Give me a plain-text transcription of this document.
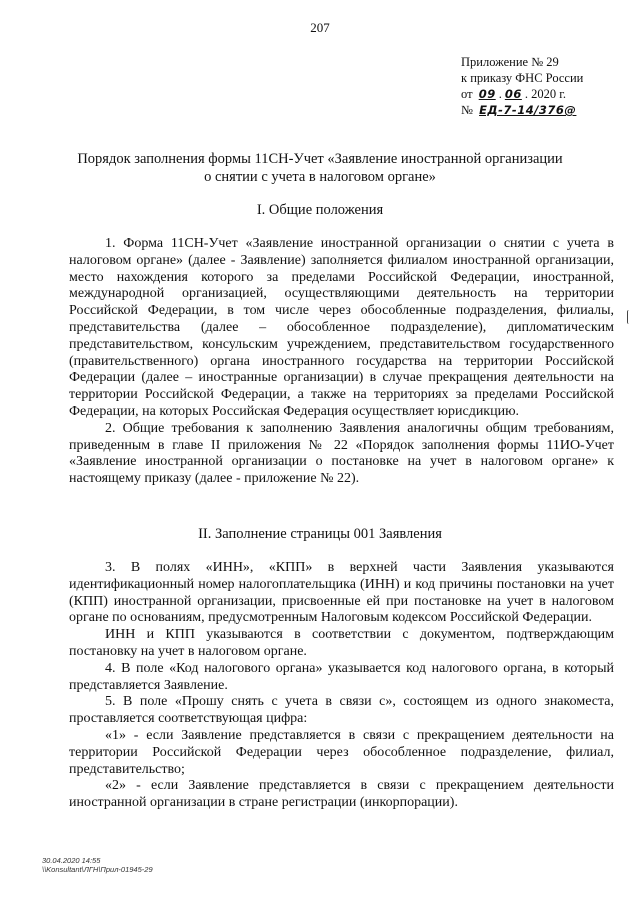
207
Приложение № 29
к приказу ФНС России
от 09 . 06 . 2020 г.
№ ЕД-7-14/376@
Порядок заполнения формы 11СН-Учет «Заявление иностранной организации
о снятии с учета в налоговом органе»
I. Общие положения

1. Форма 11СН-Учет «Заявление иностранной организации о снятии с учета в налоговом органе» (далее - Заявление) заполняется филиалом иностранной организации, место нахождения которого за пределами Российской Федерации, иностранной, международной организацией, осуществляющими деятельность на территории Российской Федерации, в том числе через обособленные подразделения, филиалы, представительства (далее – обособленное подразделение), дипломатическим представительством, консульским учреждением, представительством государственного (правительственного) органа иностранного государства на территории Российской Федерации (далее – иностранные организации) в случае прекращения деятельности на территории Российской Федерации, а также на территориях за пределами Российской Федерации, на которых Российская Федерация осуществляет юрисдикцию.

2. Общие требования к заполнению Заявления аналогичны общим требованиям, приведенным в главе II приложения № 22 «Порядок заполнения формы 11ИО-Учет «Заявление иностранной организации о постановке на учет в налоговом органе» к настоящему приказу (далее - приложение № 22).

II. Заполнение страницы 001 Заявления

3. В полях «ИНН», «КПП» в верхней части Заявления указываются идентификационный номер налогоплательщика (ИНН) и код причины постановки на учет (КПП) иностранной организации, присвоенные ей при постановке на учет в налоговом органе по основаниям, предусмотренным Налоговым кодексом Российской Федерации.

ИНН и КПП указываются в соответствии с документом, подтверждающим постановку на учет в налоговом органе.

4. В поле «Код налогового органа» указывается код налогового органа, в который представляется Заявление.

5. В поле «Прошу снять с учета в связи с», состоящем из одного знакоместа, проставляется соответствующая цифра:

«1» - если Заявление представляется в связи с прекращением деятельности на территории Российской Федерации через обособленное подразделение, филиал, представительство;

«2» - если Заявление представляется в связи с прекращением деятельности иностранной организации в стране регистрации (инкорпорации).

30.04.2020 14:55
\\Konsultant\ЛГН\Прил-01945-29
